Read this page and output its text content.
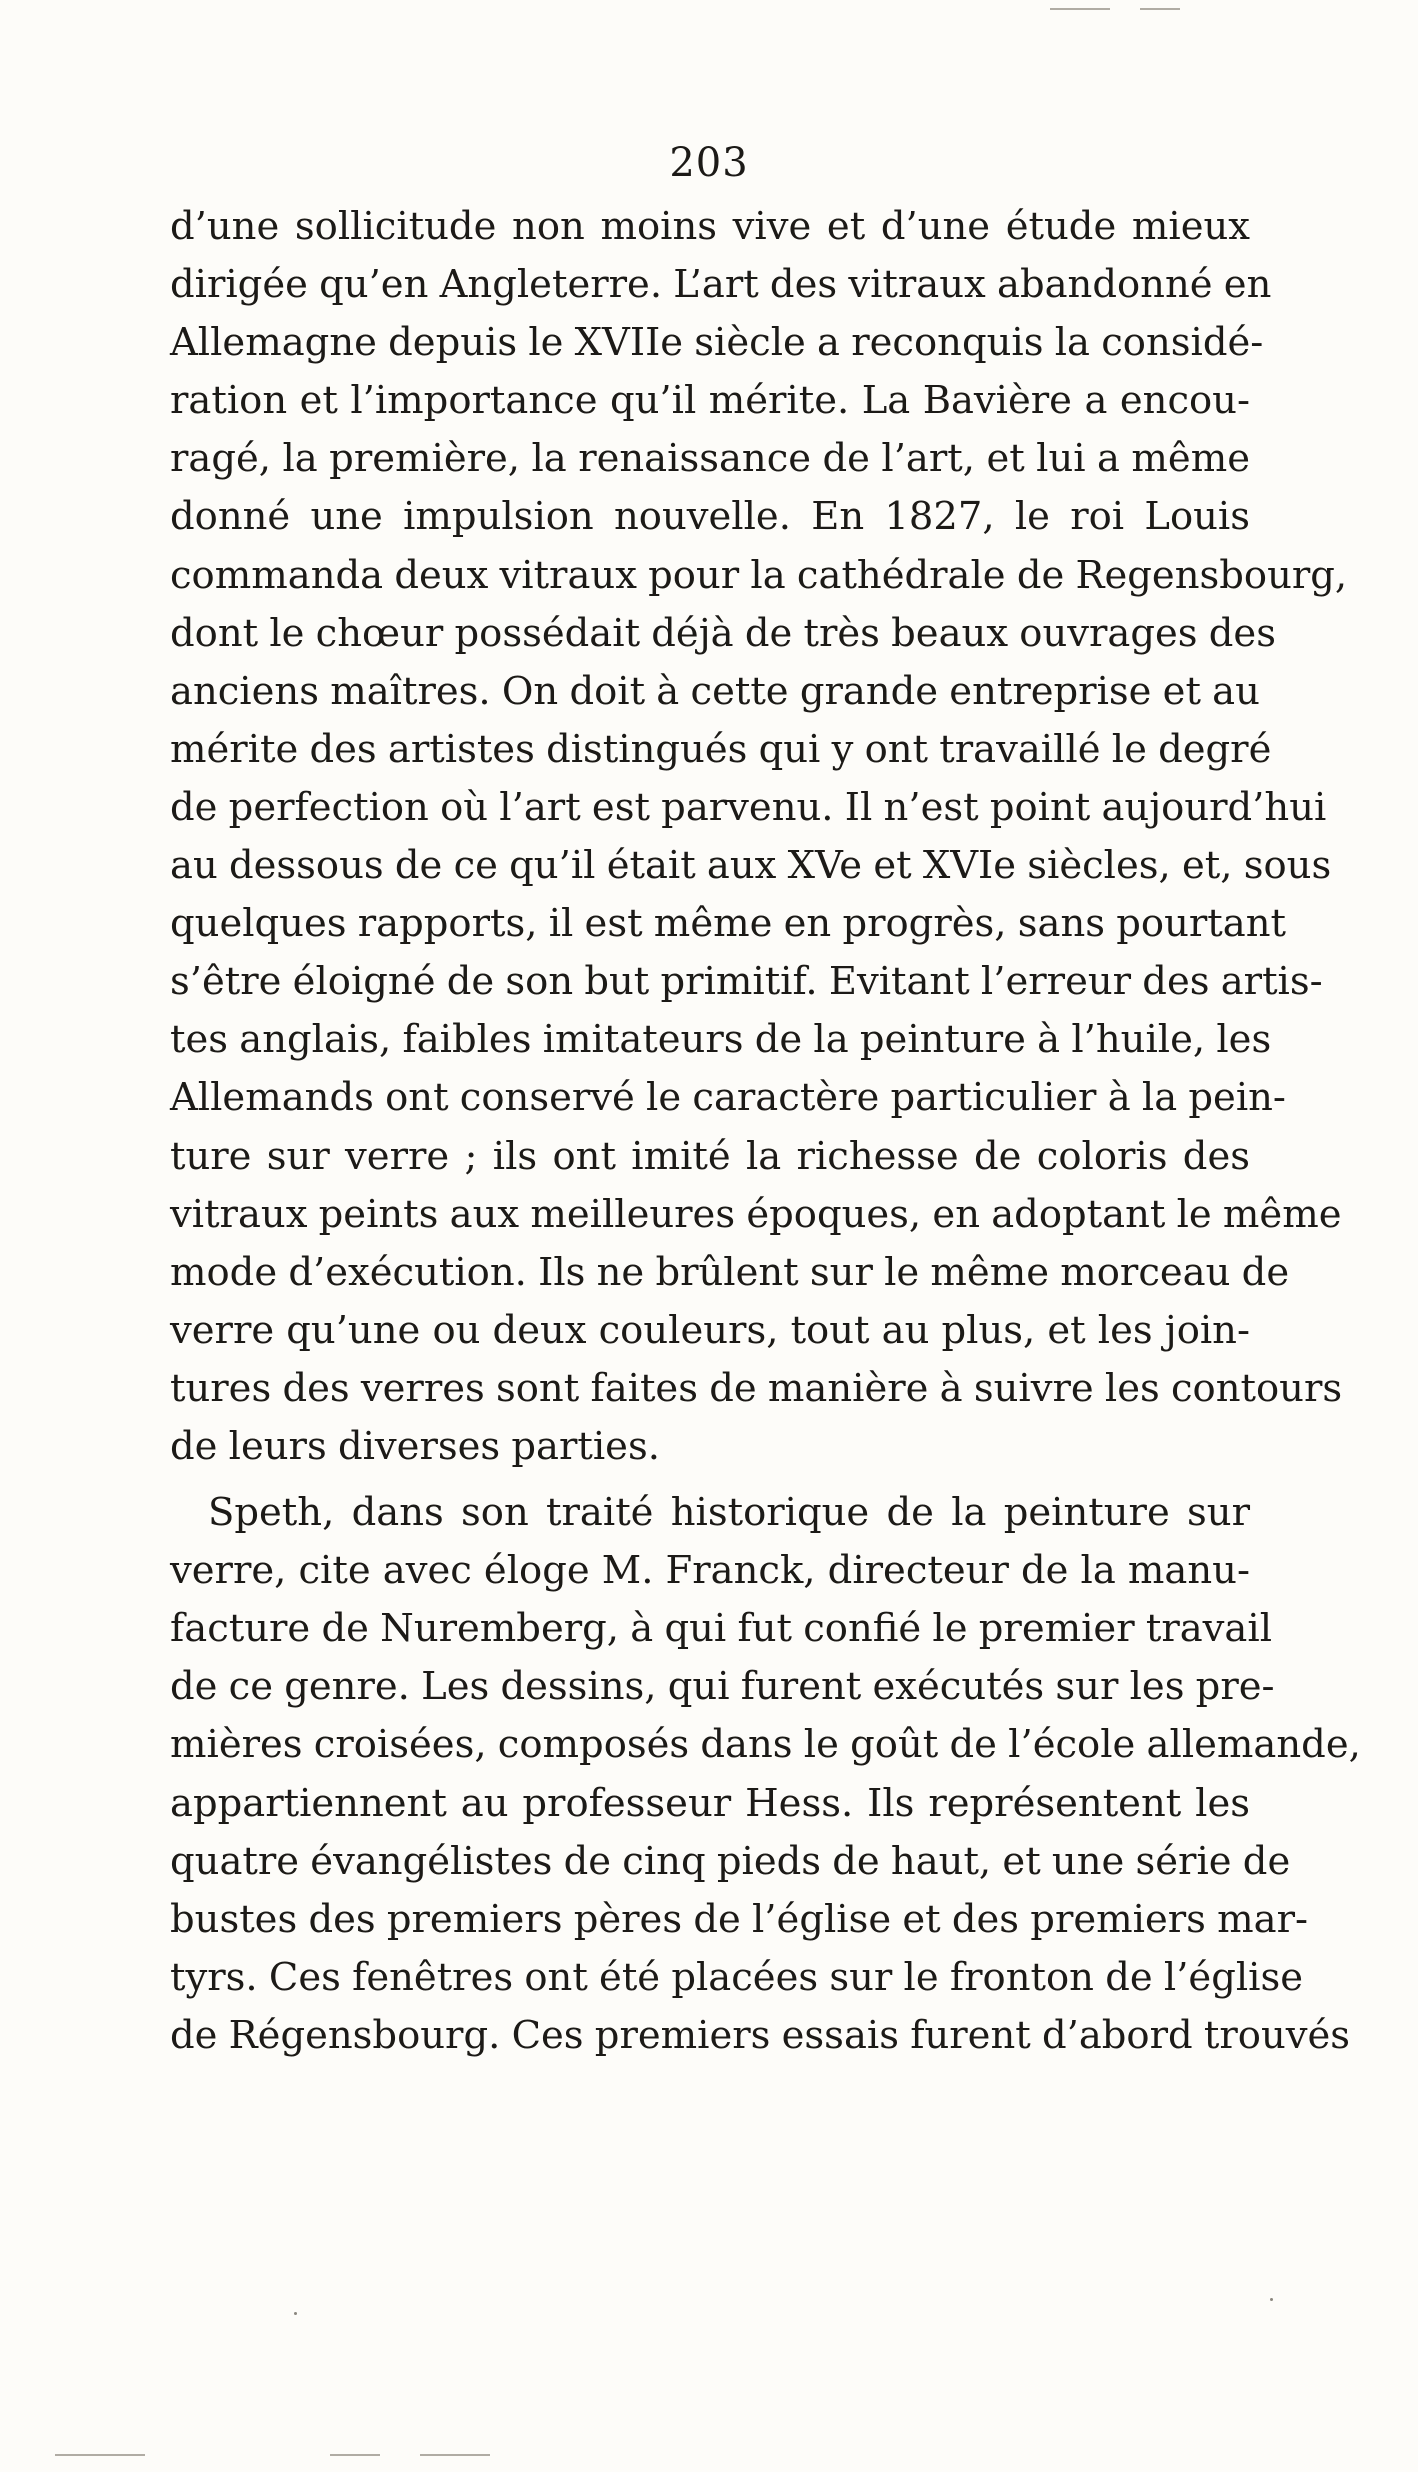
203
d’une sollicitude non moins vive et d’une étude mieux
dirigée qu’en Angleterre. L’art des vitraux abandonné en
Allemagne depuis le XVIIe siècle a reconquis la considé-
ration et l’importance qu’il mérite. La Bavière a encou-
ragé, la première, la renaissance de l’art, et lui a même
donné une impulsion nouvelle. En 1827, le roi Louis
commanda deux vitraux pour la cathédrale de Regensbourg,
dont le chœur possédait déjà de très beaux ouvrages des
anciens maîtres. On doit à cette grande entreprise et au
mérite des artistes distingués qui y ont travaillé le degré
de perfection où l’art est parvenu. Il n’est point aujourd’hui
au dessous de ce qu’il était aux XVe et XVIe siècles, et, sous
quelques rapports, il est même en progrès, sans pourtant
s’être éloigné de son but primitif. Evitant l’erreur des artis-
tes anglais, faibles imitateurs de la peinture à l’huile, les
Allemands ont conservé le caractère particulier à la pein-
ture sur verre ; ils ont imité la richesse de coloris des
vitraux peints aux meilleures époques, en adoptant le même
mode d’exécution. Ils ne brûlent sur le même morceau de
verre qu’une ou deux couleurs, tout au plus, et les join-
tures des verres sont faites de manière à suivre les contours
de leurs diverses parties.
Speth, dans son traité historique de la peinture sur
verre, cite avec éloge M. Franck, directeur de la manu-
facture de Nuremberg, à qui fut confié le premier travail
de ce genre. Les dessins, qui furent exécutés sur les pre-
mières croisées, composés dans le goût de l’école allemande,
appartiennent au professeur Hess. Ils représentent les
quatre évangélistes de cinq pieds de haut, et une série de
bustes des premiers pères de l’église et des premiers mar-
tyrs. Ces fenêtres ont été placées sur le fronton de l’église
de Régensbourg. Ces premiers essais furent d’abord trouvés
